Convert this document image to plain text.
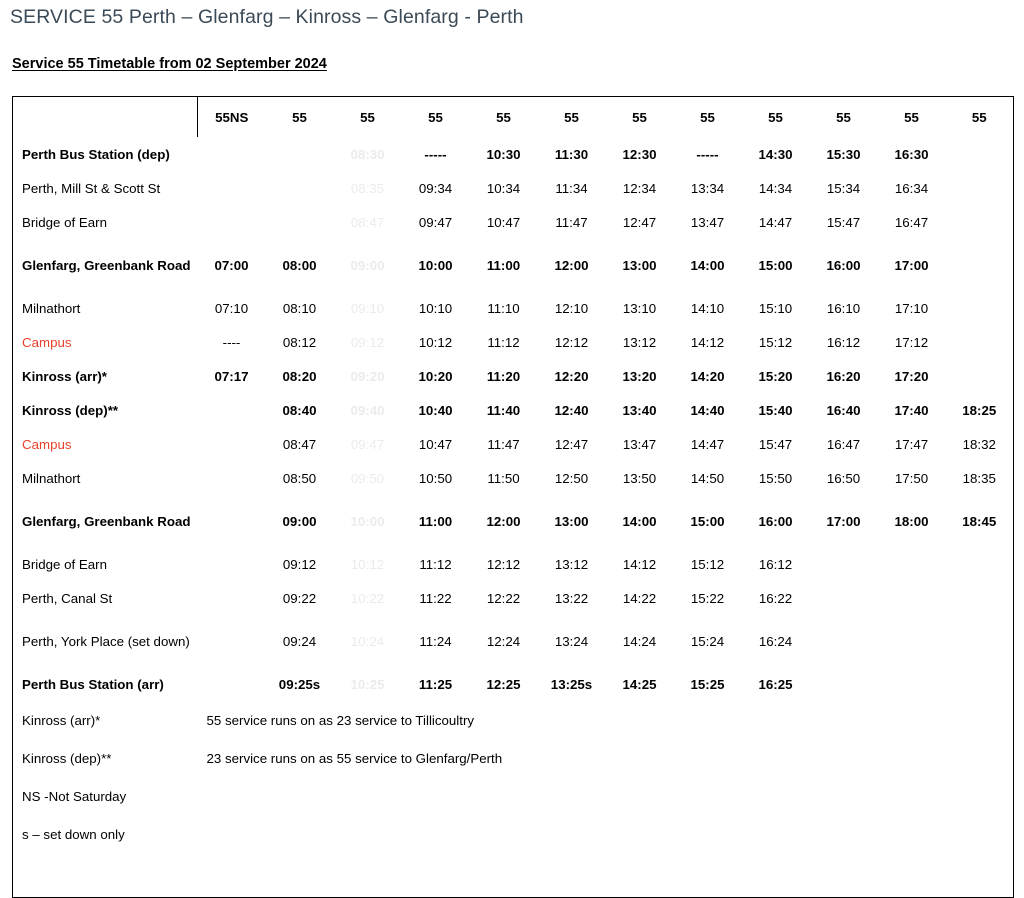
SERVICE 55 Perth – Glenfarg – Kinross – Glenfarg - Perth
Service 55 Timetable from 02 September 2024
	55NS	55	55	55	55	55	55	55	55	55	55	55
Perth Bus Station (dep)			08:30	-----	10:30	11:30	12:30	-----	14:30	15:30	16:30	
Perth, Mill St & Scott St			08:35	09:34	10:34	11:34	12:34	13:34	14:34	15:34	16:34	
Bridge of Earn			08:47	09:47	10:47	11:47	12:47	13:47	14:47	15:47	16:47	
Glenfarg, Greenbank Road	07:00	08:00	09:00	10:00	11:00	12:00	13:00	14:00	15:00	16:00	17:00	
Milnathort	07:10	08:10	09:10	10:10	11:10	12:10	13:10	14:10	15:10	16:10	17:10	
Campus	----	08:12	09:12	10:12	11:12	12:12	13:12	14:12	15:12	16:12	17:12	
Kinross (arr)*	07:17	08:20	09:20	10:20	11:20	12:20	13:20	14:20	15:20	16:20	17:20	
Kinross (dep)**		08:40	09:40	10:40	11:40	12:40	13:40	14:40	15:40	16:40	17:40	18:25
Campus		08:47	09:47	10:47	11:47	12:47	13:47	14:47	15:47	16:47	17:47	18:32
Milnathort		08:50	09:50	10:50	11:50	12:50	13:50	14:50	15:50	16:50	17:50	18:35
Glenfarg, Greenbank Road		09:00	10:00	11:00	12:00	13:00	14:00	15:00	16:00	17:00	18:00	18:45
Bridge of Earn		09:12	10:12	11:12	12:12	13:12	14:12	15:12	16:12			
Perth, Canal St		09:22	10:22	11:22	12:22	13:22	14:22	15:22	16:22			
Perth, York Place (set down)		09:24	10:24	11:24	12:24	13:24	14:24	15:24	16:24			
Perth Bus Station (arr)		09:25s	10:25	11:25	12:25	13:25s	14:25	15:25	16:25			
Kinross (arr)*	55 service runs on as 23 service to Tillicoultry											
Kinross (dep)**	23 service runs on as 55 service to Glenfarg/Perth											
NS -Not Saturday												
s – set down only												
